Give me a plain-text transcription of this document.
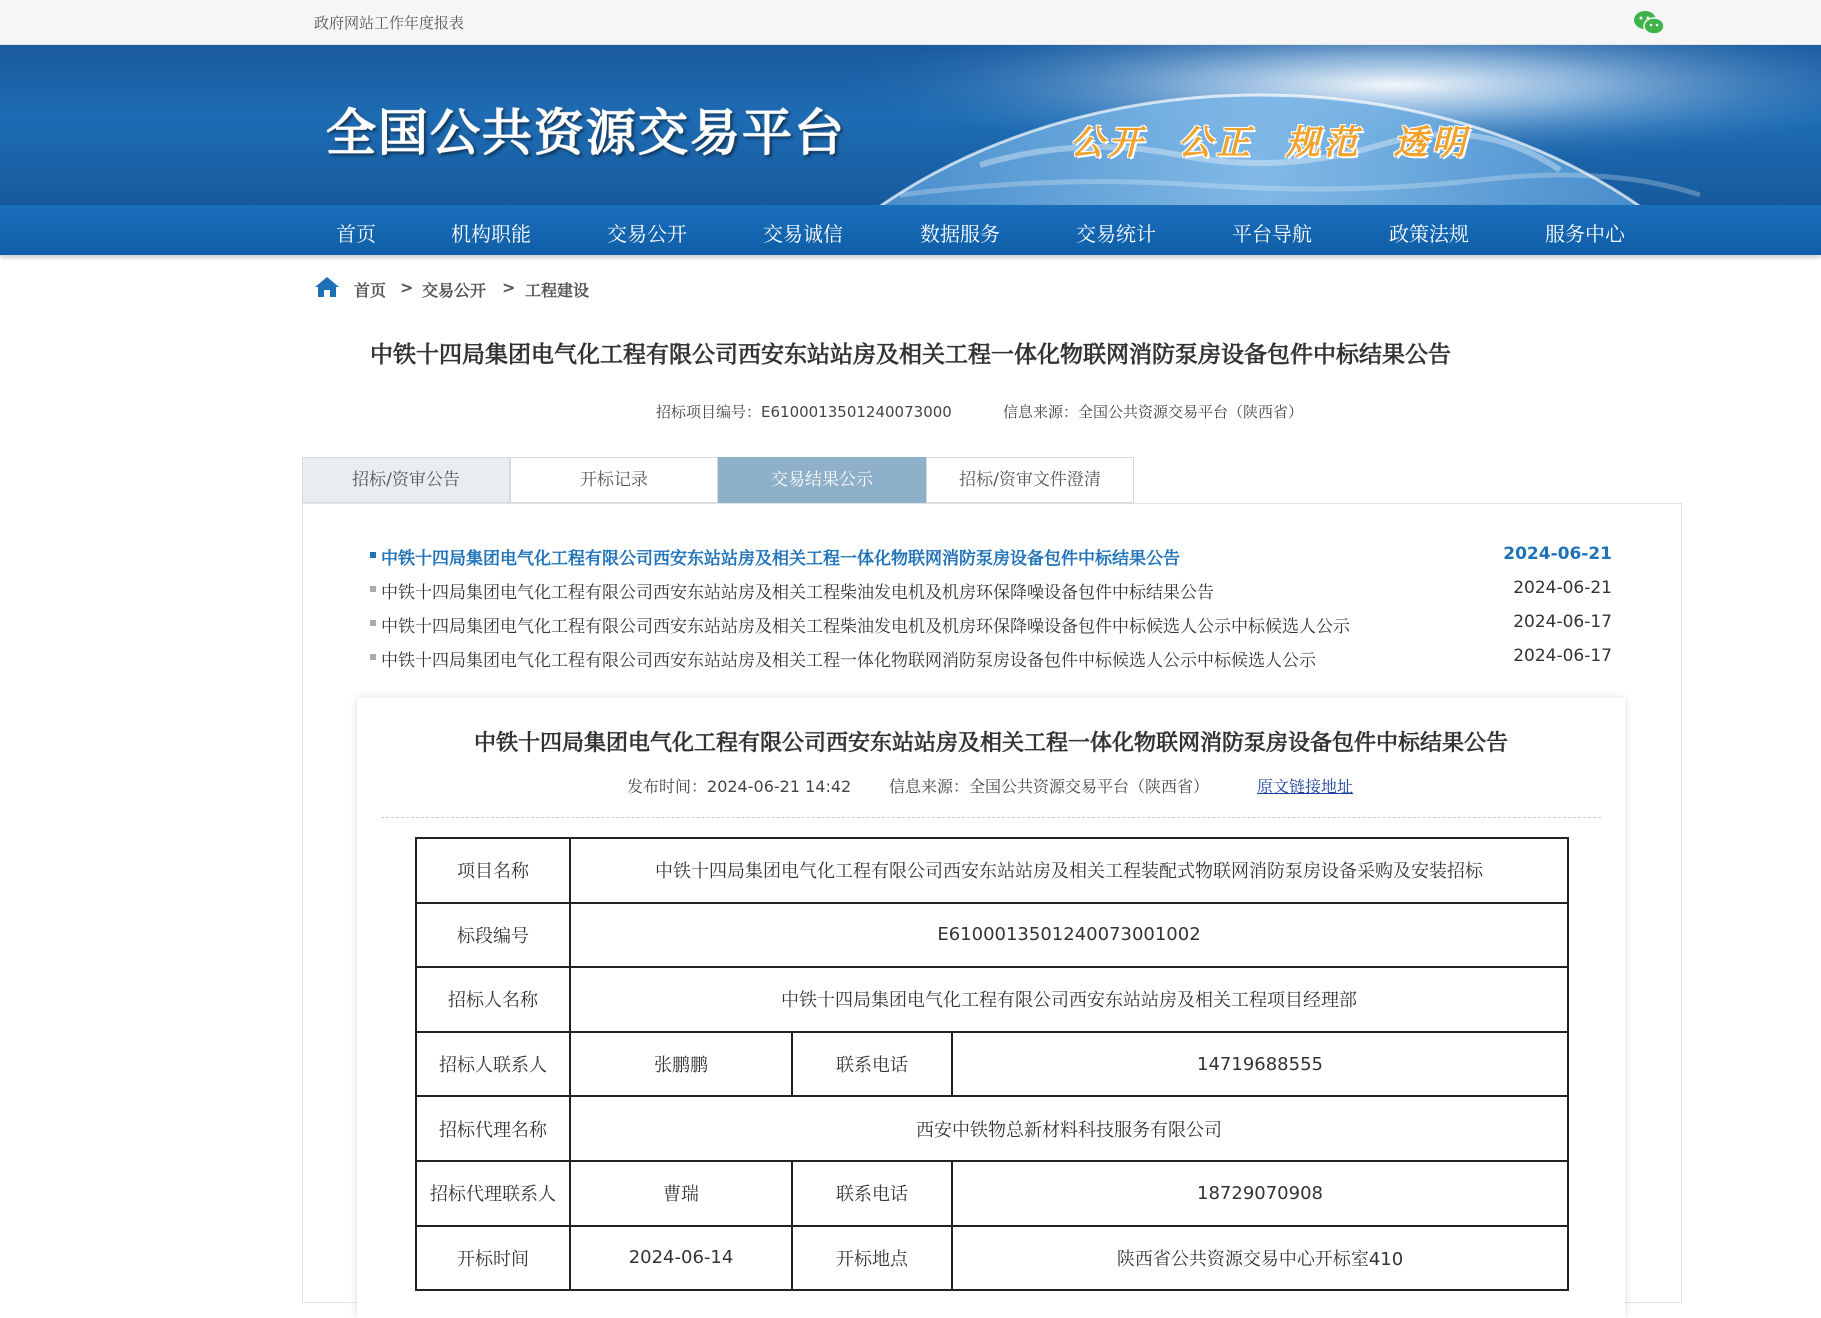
政府网站工作年度报表
全国公共资源交易平台	公开 公正 规范 透明
首页	机构职能	交易公开	交易诚信	数据服务	交易统计	平台导航	政策法规	服务中心
首页 > 交易公开 > 工程建设
中铁十四局集团电气化工程有限公司西安东站站房及相关工程一体化物联网消防泵房设备包件中标结果公告
招标项目编号：E6100013501240073000	信息来源：全国公共资源交易平台（陕西省）
招标/资审公告	开标记录	交易结果公示	招标/资审文件澄清
中铁十四局集团电气化工程有限公司西安东站站房及相关工程一体化物联网消防泵房设备包件中标结果公告	2024-06-21
中铁十四局集团电气化工程有限公司西安东站站房及相关工程柴油发电机及机房环保降噪设备包件中标结果公告	2024-06-21
中铁十四局集团电气化工程有限公司西安东站站房及相关工程柴油发电机及机房环保降噪设备包件中标候选人公示中标候选人公示	2024-06-17
中铁十四局集团电气化工程有限公司西安东站站房及相关工程一体化物联网消防泵房设备包件中标候选人公示中标候选人公示	2024-06-17
中铁十四局集团电气化工程有限公司西安东站站房及相关工程一体化物联网消防泵房设备包件中标结果公告
发布时间：2024-06-21 14:42 信息来源：全国公共资源交易平台（陕西省）	原文链接地址
项目名称	中铁十四局集团电气化工程有限公司西安东站站房及相关工程装配式物联网消防泵房设备采购及安装招标		
标段编号	E6100013501240073001002		
招标人名称	中铁十四局集团电气化工程有限公司西安东站站房及相关工程项目经理部		
招标人联系人	张鹏鹏	联系电话	14719688555
招标代理名称	西安中铁物总新材料科技服务有限公司		
招标代理联系人	曹瑞	联系电话	18729070908
开标时间	2024-06-14	开标地点	陕西省公共资源交易中心开标室410
